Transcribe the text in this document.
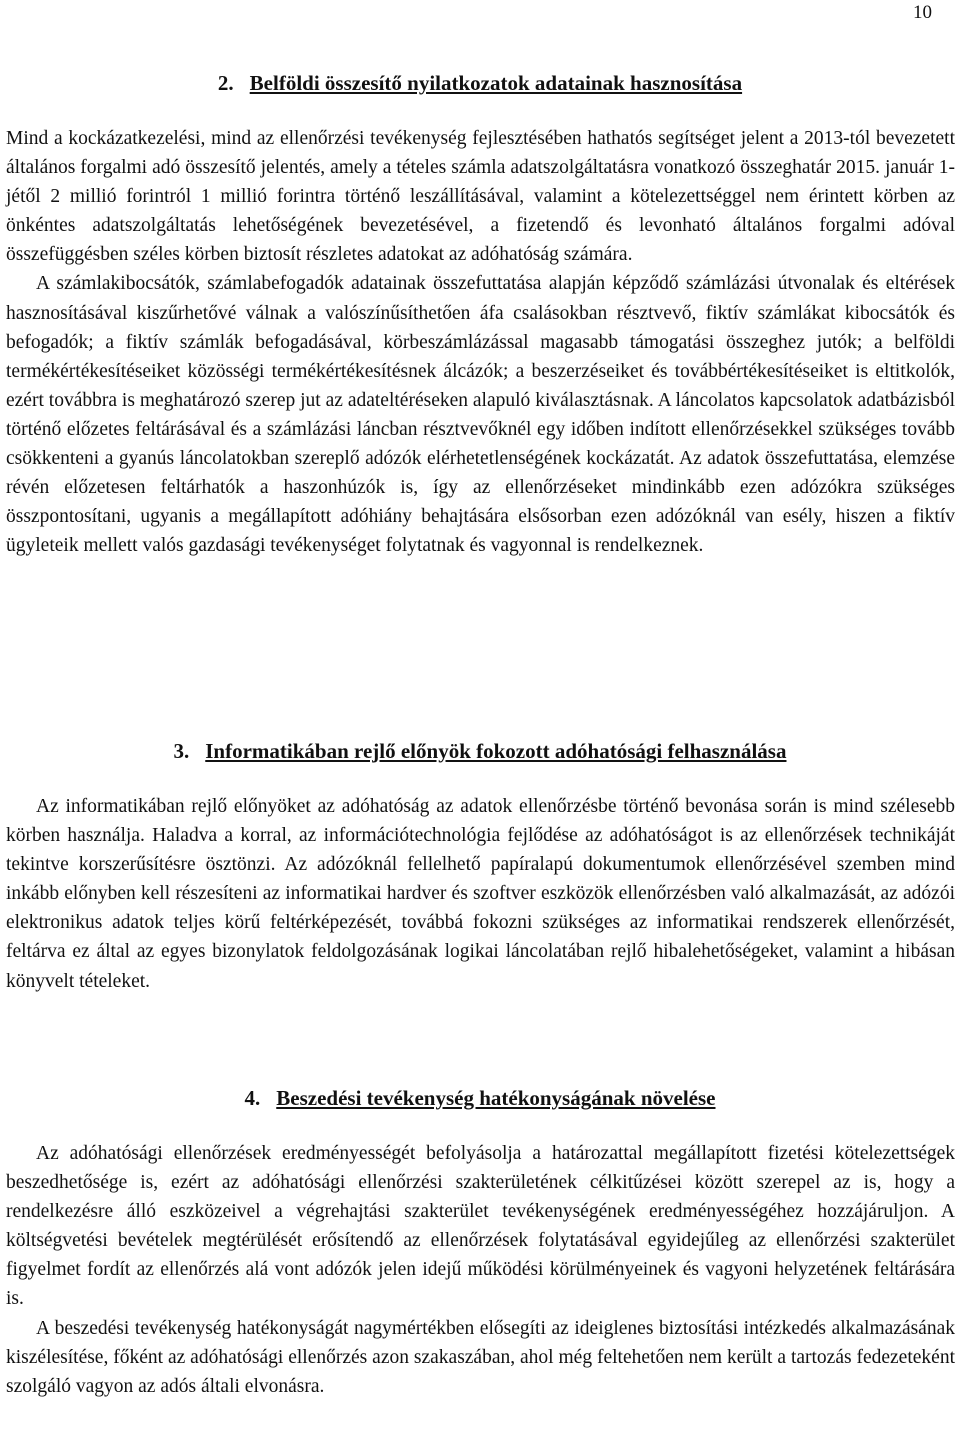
10
2. Belföldi összesítő nyilatkozatok adatainak hasznosítása

Mind a kockázatkezelési, mind az ellenőrzési tevékenység fejlesztésében hathatós segítséget jelent a 2013-tól bevezetett általános forgalmi adó összesítő jelentés, amely a tételes számla adatszolgáltatásra vonatkozó összeghatár 2015. január 1-jétől 2 millió forintról 1 millió forintra történő leszállításával, valamint a kötelezettséggel nem érintett körben az önkéntes adatszolgáltatás lehetőségének bevezetésével, a fizetendő és levonható általános forgalmi adóval összefüggésben széles körben biztosít részletes adatokat az adóhatóság számára.

A számlakibocsátók, számlabefogadók adatainak összefuttatása alapján képződő számlázási útvonalak és eltérések hasznosításával kiszűrhetővé válnak a valószínűsíthetően áfa csalásokban résztvevő, fiktív számlákat kibocsátók és befogadók; a fiktív számlák befogadásával, körbeszámlázással magasabb támogatási összeghez jutók; a belföldi termékértékesítéseiket közösségi termékértékesítésnek álcázók; a beszerzéseiket és továbbértékesítéseiket is eltitkolók, ezért továbbra is meghatározó szerep jut az adateltéréseken alapuló kiválasztásnak. A láncolatos kapcsolatok adatbázisból történő előzetes feltárásával és a számlázási láncban résztvevőknél egy időben indított ellenőrzésekkel szükséges tovább csökkenteni a gyanús láncolatokban szereplő adózók elérhetetlenségének kockázatát. Az adatok összefuttatása, elemzése révén előzetesen feltárhatók a haszonhúzók is, így az ellenőrzéseket mindinkább ezen adózókra szükséges összpontosítani, ugyanis a megállapított adóhiány behajtására elsősorban ezen adózóknál van esély, hiszen a fiktív ügyleteik mellett valós gazdasági tevékenységet folytatnak és vagyonnal is rendelkeznek.

3. Informatikában rejlő előnyök fokozott adóhatósági felhasználása

Az informatikában rejlő előnyöket az adóhatóság az adatok ellenőrzésbe történő bevonása során is mind szélesebb körben használja. Haladva a korral, az információtechnológia fejlődése az adóhatóságot is az ellenőrzések technikáját tekintve korszerűsítésre ösztönzi. Az adózóknál fellelhető papíralapú dokumentumok ellenőrzésével szemben mind inkább előnyben kell részesíteni az informatikai hardver és szoftver eszközök ellenőrzésben való alkalmazását, az adózói elektronikus adatok teljes körű feltérképezését, továbbá fokozni szükséges az informatikai rendszerek ellenőrzését, feltárva ez által az egyes bizonylatok feldolgozásának logikai láncolatában rejlő hibalehetőségeket, valamint a hibásan könyvelt tételeket.

4. Beszedési tevékenység hatékonyságának növelése

Az adóhatósági ellenőrzések eredményességét befolyásolja a határozattal megállapított fizetési kötelezettségek beszedhetősége is, ezért az adóhatósági ellenőrzési szakterületének célkitűzései között szerepel az is, hogy a rendelkezésre álló eszközeivel a végrehajtási szakterület tevékenységének eredményességéhez hozzájáruljon. A költségvetési bevételek megtérülését erősítendő az ellenőrzések folytatásával egyidejűleg az ellenőrzési szakterület figyelmet fordít az ellenőrzés alá vont adózók jelen idejű működési körülményeinek és vagyoni helyzetének feltárására is.

A beszedési tevékenység hatékonyságát nagymértékben elősegíti az ideiglenes biztosítási intézkedés alkalmazásának kiszélesítése, főként az adóhatósági ellenőrzés azon szakaszában, ahol még feltehetően nem került a tartozás fedezeteként szolgáló vagyon az adós általi elvonásra.
